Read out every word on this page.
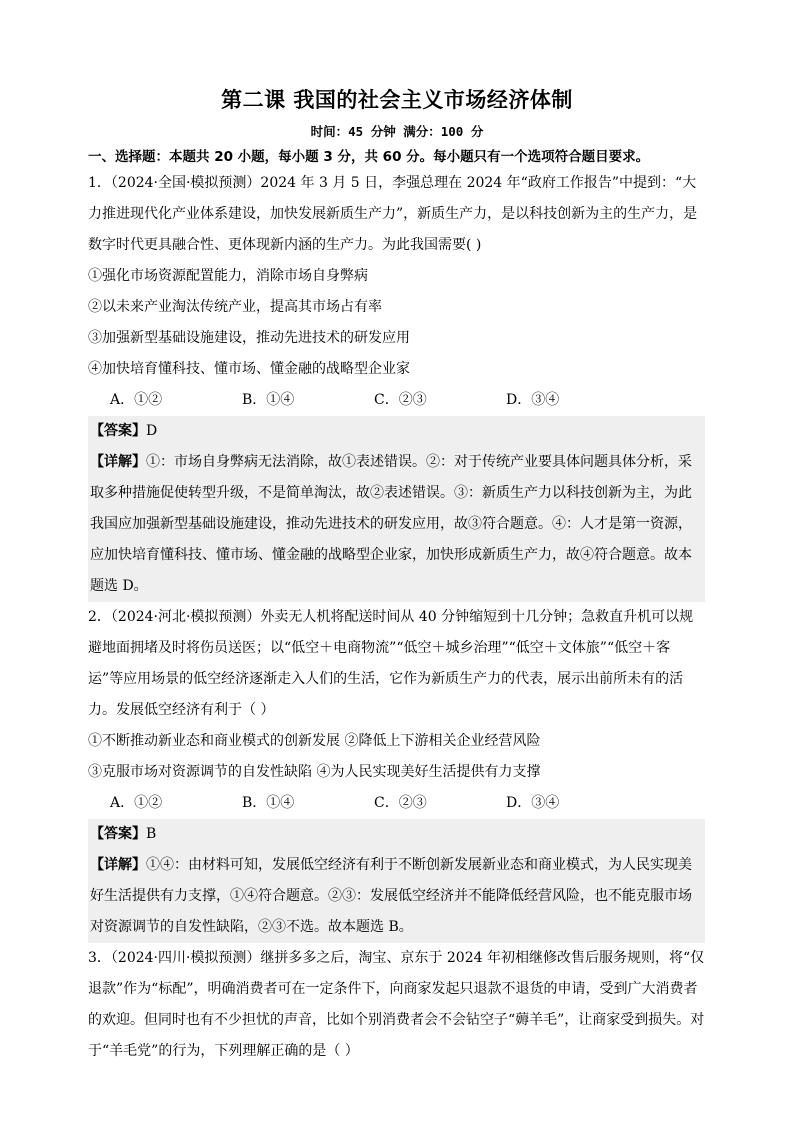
第二课 我国的社会主义市场经济体制
时间：45 分钟 满分：100 分
一、选择题：本题共 20 小题，每小题 3 分，共 60 分。每小题只有一个选项符合题目要求。

1．（2024·全国·模拟预测）2024 年 3 月 5 日，李强总理在 2024 年“政府工作报告”中提到：“大力推进现代化产业体系建设，加快发展新质生产力”，新质生产力，是以科技创新为主的生产力，是数字时代更具融合性、更体现新内涵的生产力。为此我国需要( )

①强化市场资源配置能力，消除市场自身弊病
②以未来产业淘汰传统产业，提高其市场占有率
③加强新型基础设施建设，推动先进技术的研发应用
④加快培育懂科技、懂市场、懂金融的战略型企业家
A．①②	B．①④	C．②③	D．③④

【答案】D

【详解】①：市场自身弊病无法消除，故①表述错误。②：对于传统产业要具体问题具体分析，采取多种措施促使转型升级，不是简单淘汰，故②表述错误。③：新质生产力以科技创新为主，为此我国应加强新型基础设施建设，推动先进技术的研发应用，故③符合题意。④：人才是第一资源，应加快培育懂科技、懂市场、懂金融的战略型企业家，加快形成新质生产力，故④符合题意。故本题选 D。

2．（2024·河北·模拟预测）外卖无人机将配送时间从 40 分钟缩短到十几分钟；急救直升机可以规避地面拥堵及时将伤员送医；以“低空＋电商物流”“低空＋城乡治理”“低空＋文体旅”“低空＋客运”等应用场景的低空经济逐渐走入人们的生活，它作为新质生产力的代表，展示出前所未有的活力。发展低空经济有利于（ ）

①不断推动新业态和商业模式的创新发展 ②降低上下游相关企业经营风险
③克服市场对资源调节的自发性缺陷 ④为人民实现美好生活提供有力支撑
A．①②	B．①④	C．②③	D．③④

【答案】B

【详解】①④：由材料可知，发展低空经济有利于不断创新发展新业态和商业模式，为人民实现美好生活提供有力支撑，①④符合题意。②③：发展低空经济并不能降低经营风险，也不能克服市场对资源调节的自发性缺陷，②③不选。故本题选 B。

3．（2024·四川·模拟预测）继拼多多之后，淘宝、京东于 2024 年初相继修改售后服务规则，将“仅退款”作为“标配”，明确消费者可在一定条件下，向商家发起只退款不退货的申请，受到广大消费者的欢迎。但同时也有不少担忧的声音，比如个别消费者会不会钻空子“薅羊毛”，让商家受到损失。对于“羊毛党”的行为，下列理解正确的是（ ）
